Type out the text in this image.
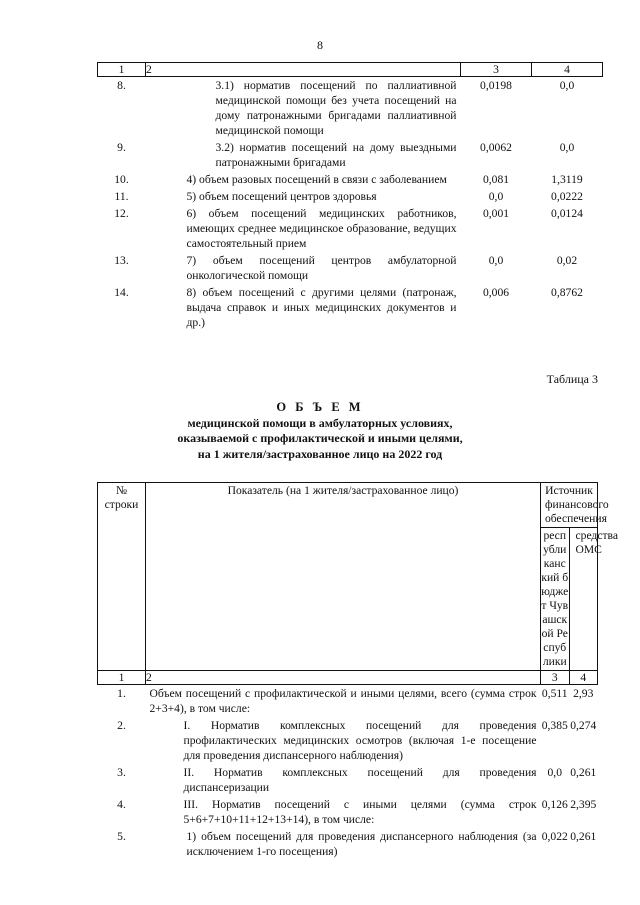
8
1	2	3	4
8.	3.1) норматив посещений по паллиативной медицинской помощи без учета посещений на дому патронажными бригадами паллиативной медицинской помощи	0,0198	0,0
9.	3.2) норматив посещений на дому выездными патронажными бригадами	0,0062	0,0
10.	4) объем разовых посещений в связи с заболеванием	0,081	1,3119
11.	5) объем посещений центров здоровья	0,0	0,0222
12.	6) объем посещений медицинских работников, имеющих среднее медицинское образование, ведущих самостоятельный прием	0,001	0,0124
13.	7) объем посещений центров амбулаторной онкологической помощи	0,0	0,02
14.	8) объем посещений с другими целями (патронаж, выдача справок и иных медицинских документов и др.)	0,006	0,8762
Таблица 3
О Б Ъ Е М
медицинской помощи в амбулаторных условиях,
оказываемой с профилактической и иными целями,
на 1 жителя/застрахованное лицо на 2022 год
№ строки	Показатель (на 1 жителя/застрахованное лицо)	Источник финансового обеспечения	
		республиканский бюджет Чувашской Республики	средства ОМС
1	2	3	4
1.	Объем посещений с профилактической и иными целями, всего (сумма строк 2+3+4), в том числе:	0,511	2,93
2.	I. Норматив комплексных посещений для проведения профилактических медицинских осмотров (включая 1-е посещение для проведения диспансерного наблюдения)	0,385	0,274
3.	II. Норматив комплексных посещений для проведения диспансеризации	0,0	0,261
4.	III. Норматив посещений с иными целями (сумма строк 5+6+7+10+11+12+13+14), в том числе:	0,126	2,395
5.	1) объем посещений для проведения диспансерного наблюдения (за исключением 1-го посещения)	0,022	0,261
